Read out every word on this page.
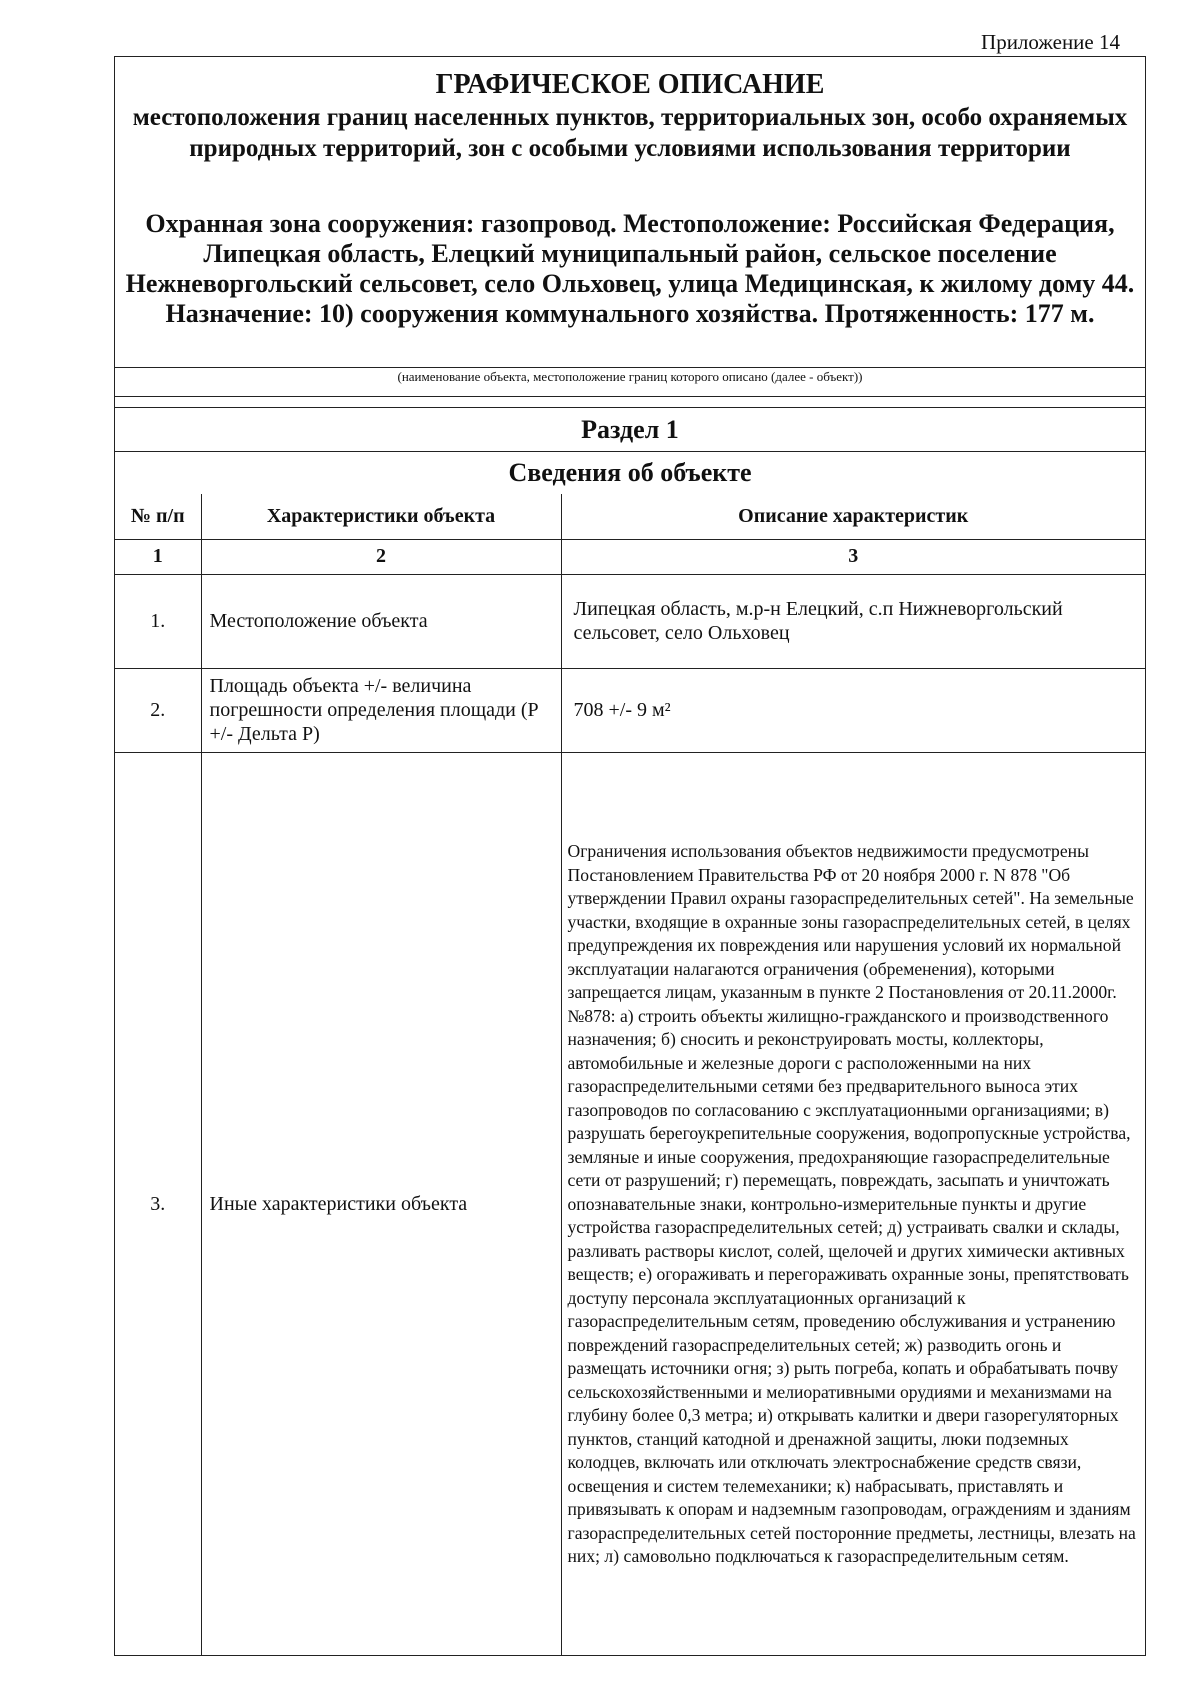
Приложение 14
ГРАФИЧЕСКОЕ ОПИСАНИЕ
местоположения границ населенных пунктов, территориальных зон, особо охраняемых природных территорий, зон с особыми условиями использования территории
Охранная зона сооружения: газопровод. Местоположение: Российская Федерация, Липецкая область, Елецкий муниципальный район, сельское поселение Нежневоргольский сельсовет, село Ольховец, улица Медицинская, к жилому дому 44. Назначение: 10) сооружения коммунального хозяйства. Протяженность: 177 м.
(наименование объекта, местоположение границ которого описано (далее - объект))
Раздел 1
Сведения об объекте
№ п/п	Характеристики объекта	Описание характеристик
1	2	3
1.	Местоположение объекта	Липецкая область, м.р-н Елецкий, с.п Нижневоргольский сельсовет, село Ольховец
2.	Площадь объекта +/- величина погрешности определения площади (P +/- Дельта P)	708 +/- 9 м²
3.	Иные характеристики объекта	Ограничения использования объектов недвижимости предусмотрены Постановлением Правительства РФ от 20 ноября 2000 г. N 878 "Об утверждении Правил охраны газораспределительных сетей". На земельные участки, входящие в охранные зоны газораспределительных сетей, в целях предупреждения их повреждения или нарушения условий их нормальной эксплуатации налагаются ограничения (обременения), которыми запрещается лицам, указанным в пункте 2 Постановления от 20.11.2000г. №878: а) строить объекты жилищно-гражданского и производственного назначения; б) сносить и реконструировать мосты, коллекторы, автомобильные и железные дороги с расположенными на них газораспределительными сетями без предварительного выноса этих газопроводов по согласованию с эксплуатационными организациями; в) разрушать берегоукрепительные сооружения, водопропускные устройства, земляные и иные сооружения, предохраняющие газораспределительные сети от разрушений; г) перемещать, повреждать, засыпать и уничтожать опознавательные знаки, контрольно-измерительные пункты и другие устройства газораспределительных сетей; д) устраивать свалки и склады, разливать растворы кислот, солей, щелочей и других химически активных веществ; е) огораживать и перегораживать охранные зоны, препятствовать доступу персонала эксплуатационных организаций к газораспределительным сетям, проведению обслуживания и устранению повреждений газораспределительных сетей; ж) разводить огонь и размещать источники огня; з) рыть погреба, копать и обрабатывать почву сельскохозяйственными и мелиоративными орудиями и механизмами на глубину более 0,3 метра; и) открывать калитки и двери газорегуляторных пунктов, станций катодной и дренажной защиты, люки подземных колодцев, включать или отключать электроснабжение средств связи, освещения и систем телемеханики; к) набрасывать, приставлять и привязывать к опорам и надземным газопроводам, ограждениям и зданиям газораспределительных сетей посторонние предметы, лестницы, влезать на них; л) самовольно подключаться к газораспределительным сетям.
